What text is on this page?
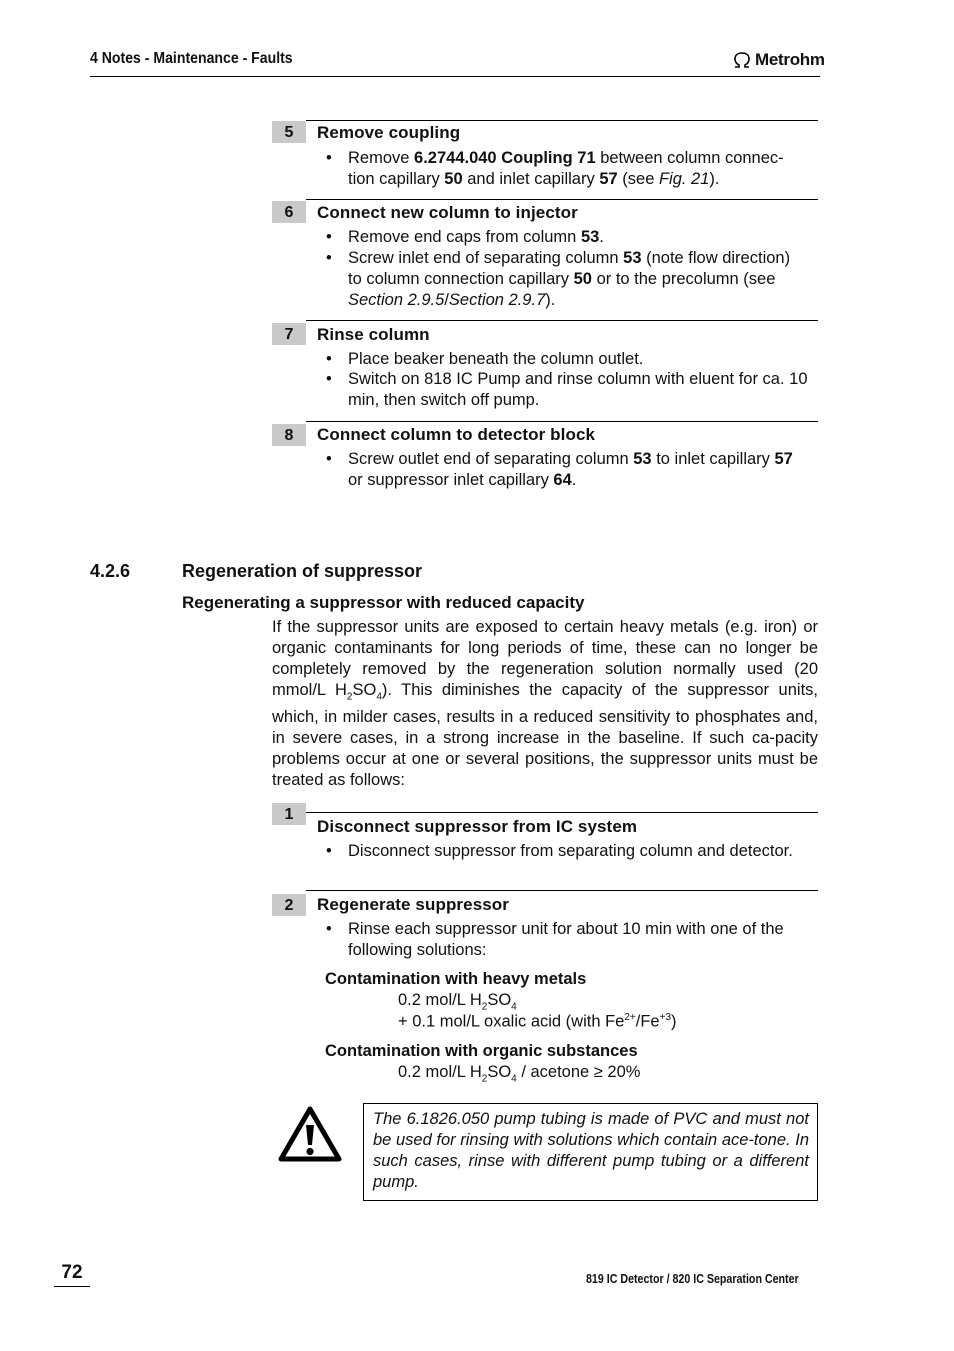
4 Notes - Maintenance - Faults	Metrohm
5	Remove coupling
• Remove 6.2744.040 Coupling 71 between column connec-tion capillary 50 and inlet capillary 57 (see Fig. 21).
6	Connect new column to injector
• Remove end caps from column 53.
• Screw inlet end of separating column 53 (note flow direction) to column connection capillary 50 or to the precolumn (see Section 2.9.5/Section 2.9.7).
7	Rinse column
• Place beaker beneath the column outlet.
• Switch on 818 IC Pump and rinse column with eluent for ca. 10 min, then switch off pump.
8	Connect column to detector block
• Screw outlet end of separating column 53 to inlet capillary 57 or suppressor inlet capillary 64.
4.2.6	Regeneration of suppressor
Regenerating a suppressor with reduced capacity
If the suppressor units are exposed to certain heavy metals (e.g. iron) or organic contaminants for long periods of time, these can no longer be completely removed by the regeneration solution normally used (20 mmol/L $H_2SO_4$). This diminishes the capacity of the suppressor units, which, in milder cases, results in a reduced sensitivity to phosphates and, in severe cases, in a strong increase in the baseline. If such ca-pacity problems occur at one or several positions, the suppressor units must be treated as follows:
1
Disconnect suppressor from IC system
• Disconnect suppressor from separating column and detector.
2	Regenerate suppressor
• Rinse each suppressor unit for about 10 min with one of the following solutions:
Contamination with heavy metals
0.2 mol/L $H_2SO_4$
+ 0.1 mol/L oxalic acid (with $Fe^{2+}/Fe^{+3}$)
Contamination with organic substances
0.2 mol/L $H_2SO_4$ / acetone ≥ 20%
The 6.1826.050 pump tubing is made of PVC and must not be used for rinsing with solutions which contain ace-tone. In such cases, rinse with different pump tubing or a different pump.
72	819 IC Detector / 820 IC Separation Center
